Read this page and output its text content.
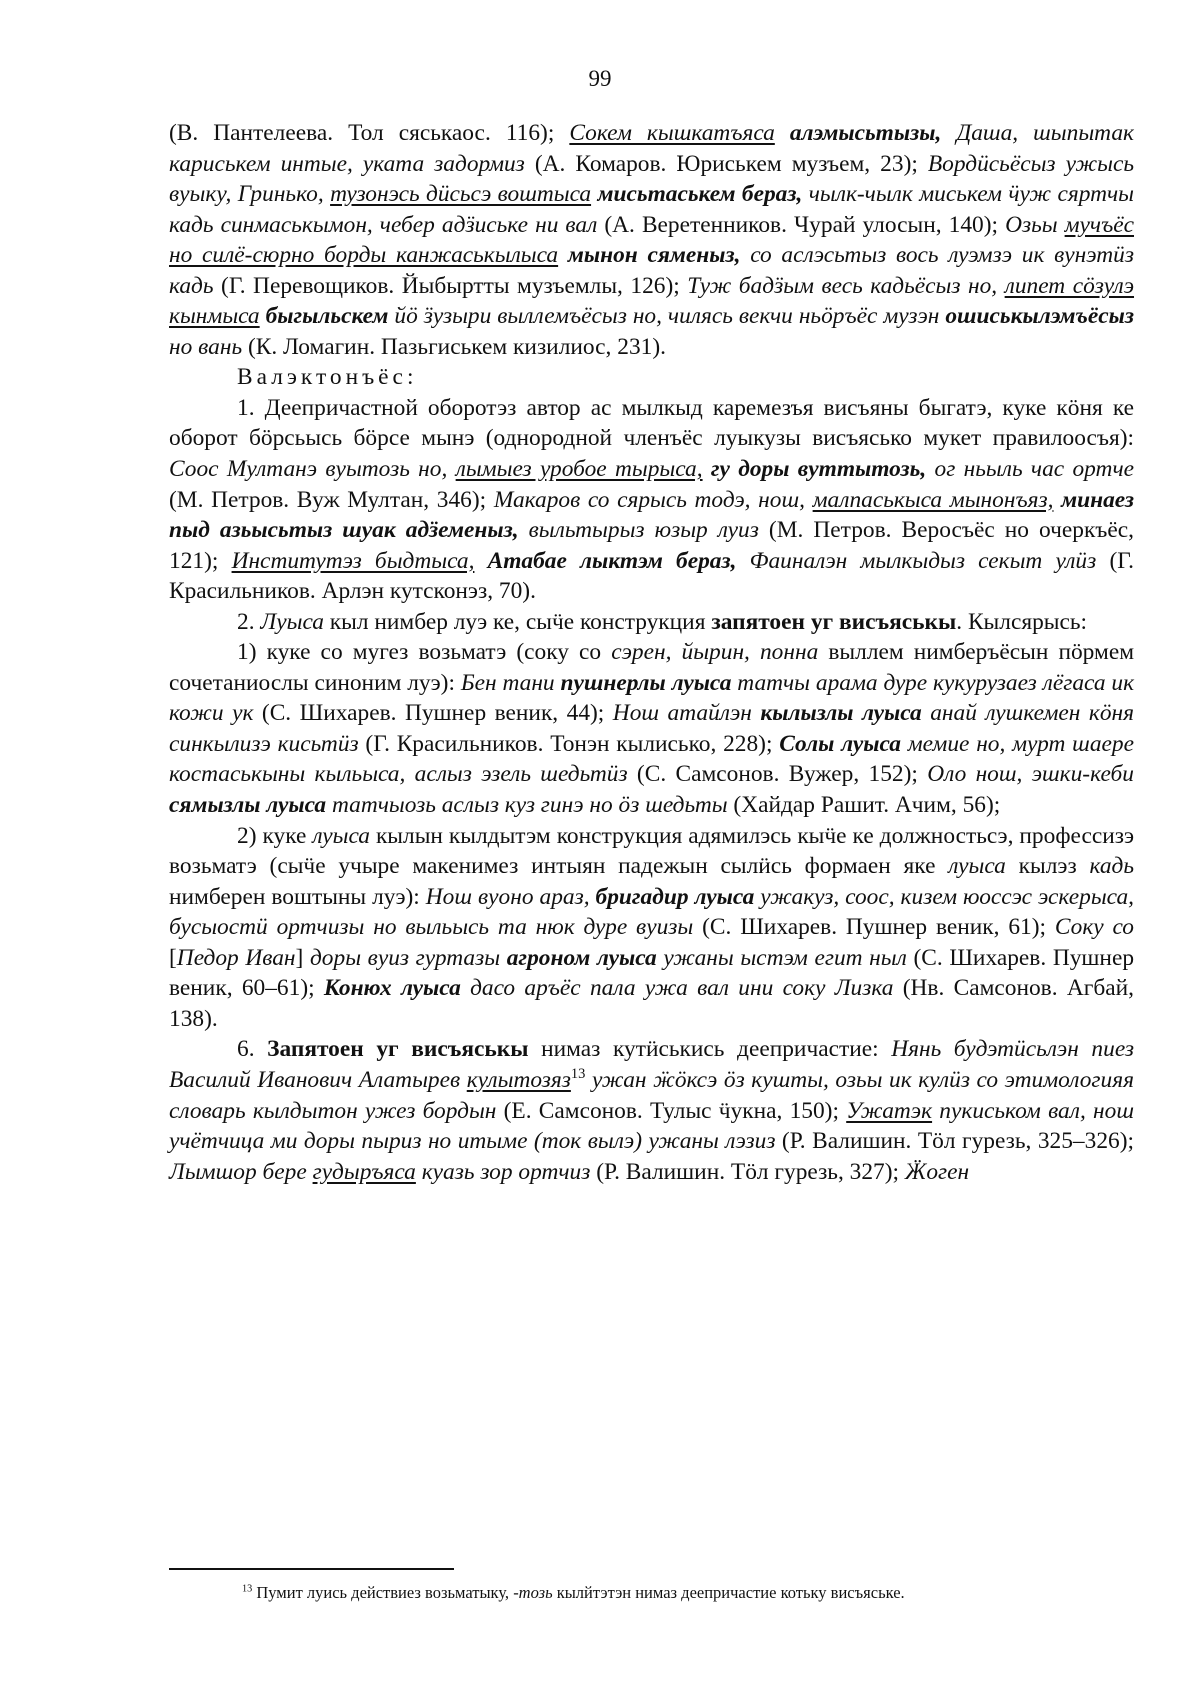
99

(В. Пантелеева. Тол сяськаос. 116); Сокем кышкатъяса алэмысьтызы, Даша, шыпытак кариськем интые, уката задормиз (А. Комаров. Юриськем музъем, 23); Вордӥсьёсыз ужысь вуыку, Гринько, тузонэсь дӥсьсэ воштыса мисьтаськем бераз, чылк-чылк миськем ӵуж сяртчы кадь синмаськымон, чебер адӟиське ни вал (А. Веретенников. Чурай улосын, 140); Озьы мучъёс но силё-сюрно борды канжаськылыса мынон сяменыз, со аслэсьтыз вось луэмзэ ик вунэтӥз кадь (Г. Перевощиков. Йыбыртты музъемлы, 126); Туж бадӟым весь кадьёсыз но, липет сӧзулэ кынмыса быгыльскем йӧ ӟузыри выллемъёсыз но, чилясь векчи ньӧръёс музэн ошиськылэмъёсыз но вань (К. Ломагин. Пазьгиськем кизилиос, 231).

Валэктонъёс:

1. Деепричастной оборотэз автор ас мылкыд каремезъя висъяны быгатэ, куке кӧня ке оборот бӧрсьысь бӧрсе мынэ (однородной членъёс луыкузы висъясько мукет правилоосъя): Соос Мултанэ вуытозь но, лымыез уробое тырыса, гу доры вуттытозь, ог ньыль час ортче (М. Петров. Вуж Мултан, 346); Макаров со сярысь тодэ, нош, малпаськыса мынонъяз, минаез пыд азьысьтыз шуак адӟеменыз, выльтырыз юзыр луиз (М. Петров. Веросъёс но очеркъёс, 121); Институтэз быдтыса, Атабае лыктэм бераз, Фаиналэн мылкыдыз секыт улӥз (Г. Красильников. Арлэн кутсконэз, 70).

2. Луыса кыл нимбер луэ ке, сыӵе конструкция запятоен уг висъяськы. Кылсярысь:

1) куке со мугез возьматэ (соку со сэрен, йырин, понна выллем нимберъёсын пӧрмем сочетаниослы синоним луэ): Бен тани пушнерлы луыса татчы арама дуре кукурузаез лёгаса ик кожи ук (С. Шихарев. Пушнер веник, 44); Нош атайлэн кылызлы луыса анай лушкемен кӧня синкылизэ кисьтӥз (Г. Красильников. Тонэн кылисько, 228); Солы луыса мемие но, мурт шаере костаськыны кыльыса, аслыз эзель шедьтӥз (С. Самсонов. Вужер, 152); Оло нош, эшки-кеби сямызлы луыса татчыозь аслыз куз гинэ но ӧз шедьты (Хайдар Рашит. Ачим, 56);

2) куке луыса кылын кылдытэм конструкция адямилэсь кыӵе ке должностьсэ, профессизэ возьматэ (сыӵе учыре макенимез интыян падежын сылӥсь формаен яке луыса кылэз кадь нимберен воштыны луэ): Нош вуоно араз, бригадир луыса ужакуз, соос, кизем юоссэс эскерыса, бусыостӥ ортчизы но выльысь та нюк дуре вуизы (С. Шихарев. Пушнер веник, 61); Соку со [Педор Иван] доры вуиз гуртазы агроном луыса ужаны ыстэм егит ныл (С. Шихарев. Пушнер веник, 60–61); Конюх луыса дасо аръёс пала ужа вал ини соку Лизка (Нв. Самсонов. Агбай, 138).

6. Запятоен уг висъяськы нимаз кутӥськись деепричастие: Нянь будэтӥсьлэн пиез Василий Иванович Алатырев кулытозяз$^{13}$ ужан ӝӧксэ ӧз кушты, озьы ик кулӥз со этимологияя словарь кылдытон ужез бордын (Е. Самсонов. Тулыс ӵукна, 150); Ужатэк пукиськом вал, нош учётчица ми доры пыриз но итыме (ток вылэ) ужаны лэзиз (Р. Валишин. Тӧл гурезь, 325–326); Лымшор бере гудыръяса куазь зор ортчиз (Р. Валишин. Тӧл гурезь, 327); Ӝоген

$^{13}$ Пумит луись действиез возьматыку, -тозь кылйтэтэн нимаз деепричастие котьку висъяське.
